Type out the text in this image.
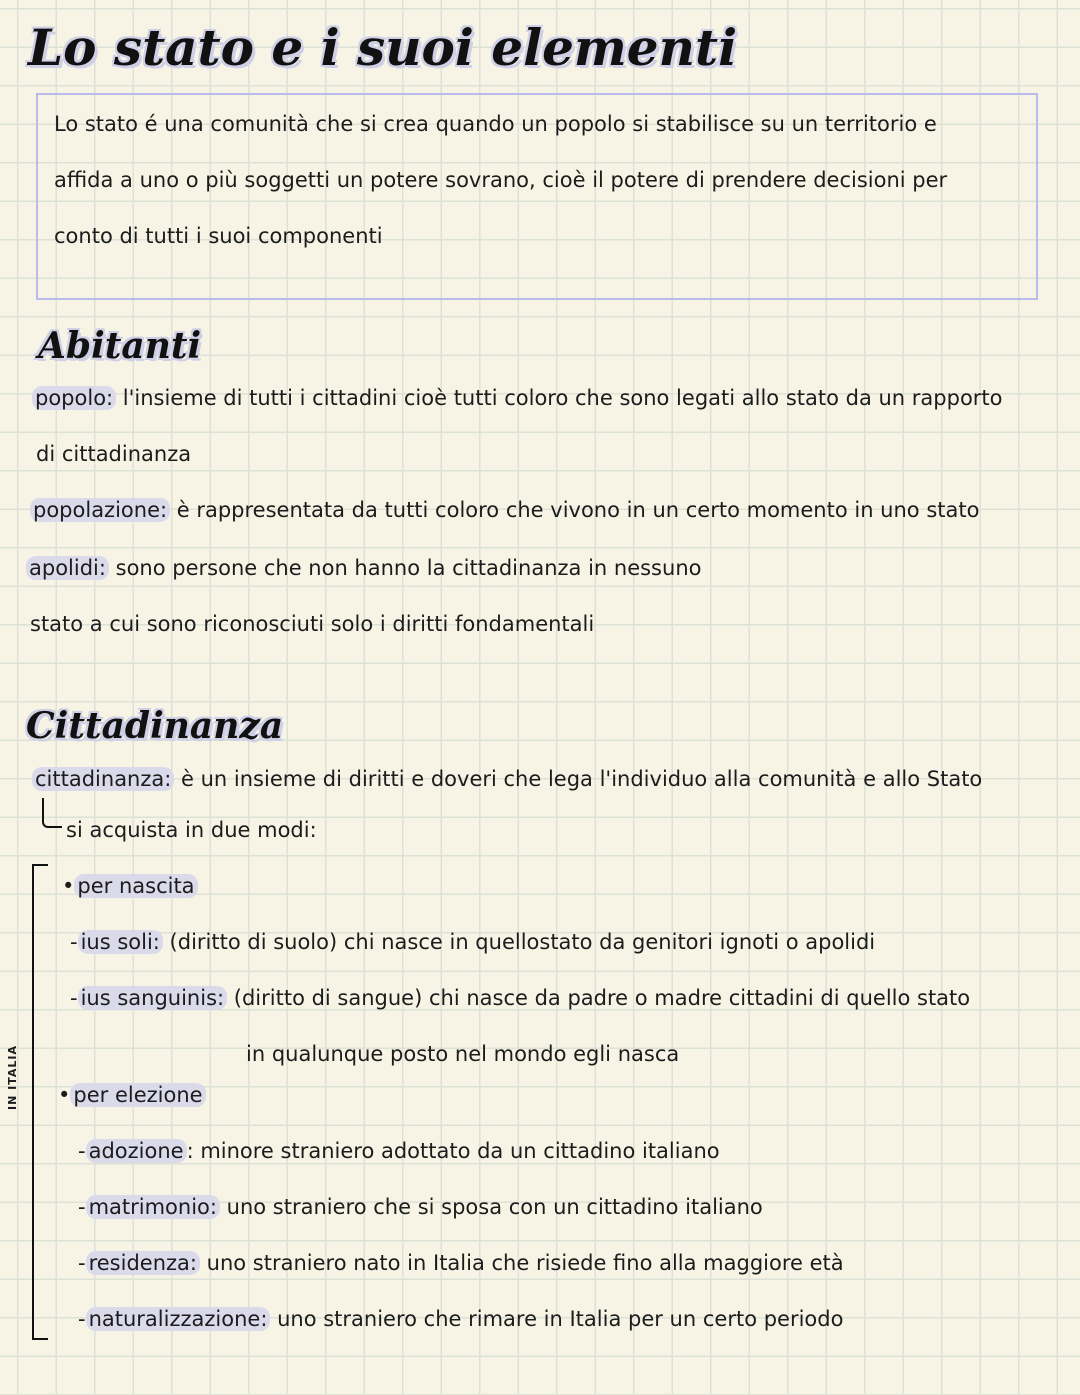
Lo stato e i suoi elementi
Lo stato é una comunità che si crea quando un popolo si stabilisce su un territorio e
affida a uno o più soggetti un potere sovrano, cioè il potere di prendere decisioni per
conto di tutti i suoi componenti
Abitanti
popolo: l'insieme di tutti i cittadini cioè tutti coloro che sono legati allo stato da un rapporto
di cittadinanza
popolazione: è rappresentata da tutti coloro che vivono in un certo momento in uno stato
apolidi: sono persone che non hanno la cittadinanza in nessuno
stato a cui sono riconosciuti solo i diritti fondamentali
Cittadinanza
cittadinanza: è un insieme di diritti e doveri che lega l'individuo alla comunità e allo Stato
si acquista in due modi:
IN ITALIA
• per nascita
- ius soli: (diritto di suolo) chi nasce in quellostato da genitori ignoti o apolidi
- ius sanguinis: (diritto di sangue) chi nasce da padre o madre cittadini di quello stato
in qualunque posto nel mondo egli nasca
• per elezione
- adozione : minore straniero adottato da un cittadino italiano
- matrimonio: uno straniero che si sposa con un cittadino italiano
- residenza: uno straniero nato in Italia che risiede fino alla maggiore età
- naturalizzazione: uno straniero che rimare in Italia per un certo periodo
